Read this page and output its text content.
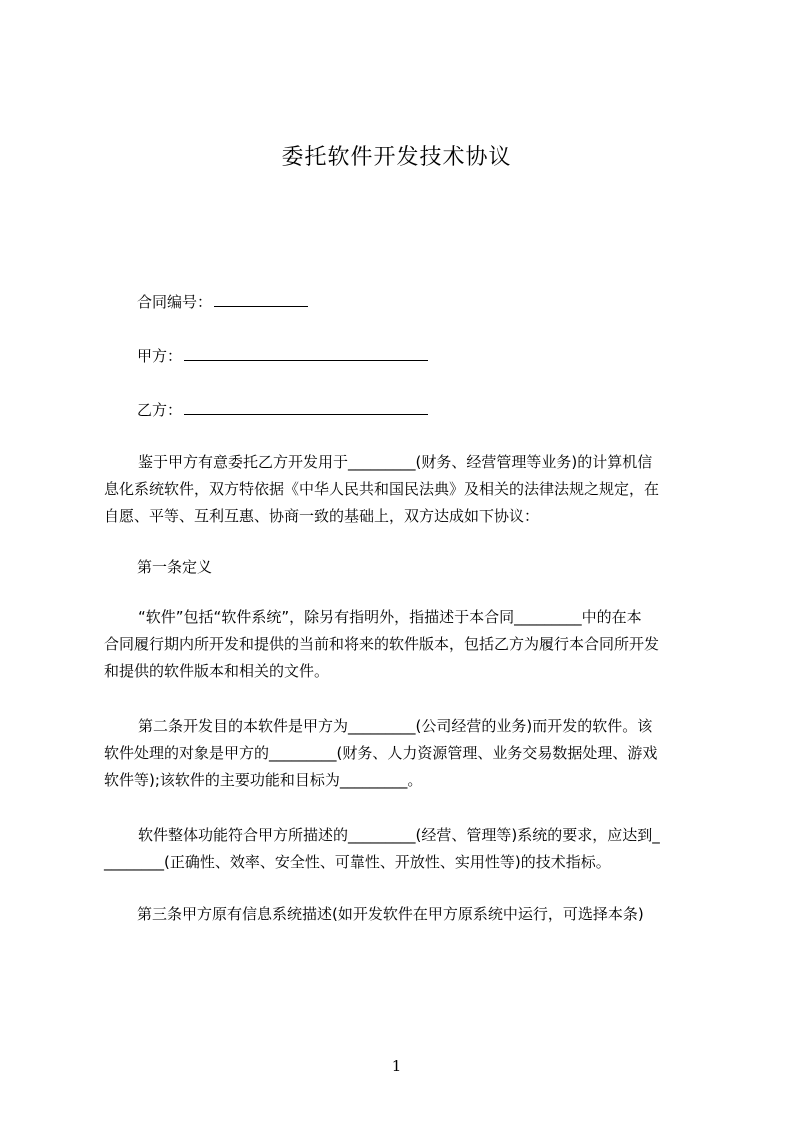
委托软件开发技术协议
合同编号：
甲方：
乙方：
鉴于甲方有意委托乙方开发用于_________(财务、经营管理等业务)的计算机信
息化系统软件，双方特依据《中华人民共和国民法典》及相关的法律法规之规定，在
自愿、平等、互利互惠、协商一致的基础上，双方达成如下协议：
第一条定义
“软件”包括“软件系统”，除另有指明外，指描述于本合同_________中的在本
合同履行期内所开发和提供的当前和将来的软件版本，包括乙方为履行本合同所开发
和提供的软件版本和相关的文件。
第二条开发目的本软件是甲方为_________(公司经营的业务)而开发的软件。该
软件处理的对象是甲方的_________(财务、人力资源管理、业务交易数据处理、游戏
软件等);该软件的主要功能和目标为_________。
软件整体功能符合甲方所描述的_________(经营、管理等)系统的要求，应达到_
________(正确性、效率、安全性、可靠性、开放性、实用性等)的技术指标。
第三条甲方原有信息系统描述(如开发软件在甲方原系统中运行，可选择本条)
1
